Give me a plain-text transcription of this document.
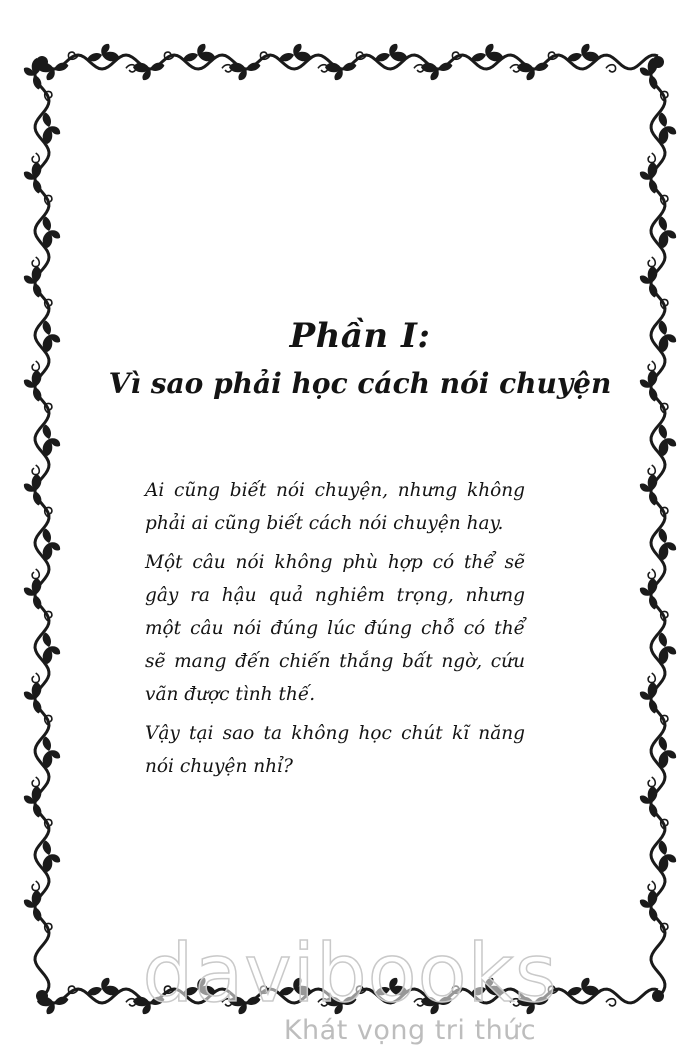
Phần I:
Vì sao phải học cách nói chuyện

Ai cũng biết nói chuyện, nhưng không phải ai cũng biết cách nói chuyện hay.

Một câu nói không phù hợp có thể sẽ gây ra hậu quả nghiêm trọng, nhưng một câu nói đúng lúc đúng chỗ có thể sẽ mang đến chiến thắng bất ngờ, cứu vãn được tình thế.

Vậy tại sao ta không học chút kĩ năng nói chuyện nhỉ?

davibooks
Khát vọng tri thức
